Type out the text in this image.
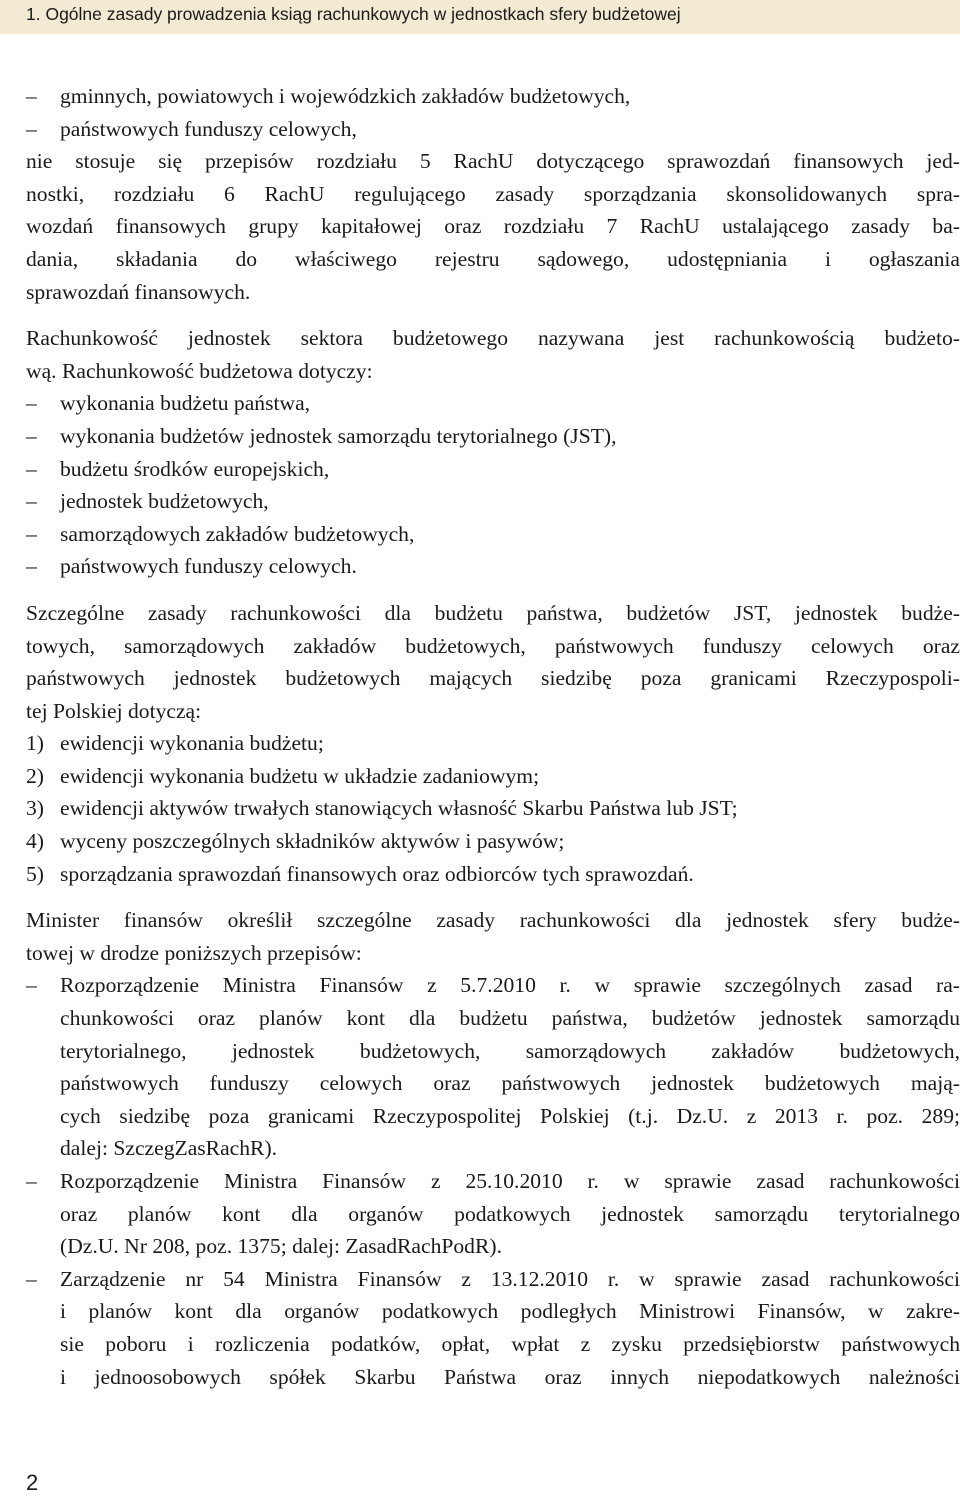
1. Ogólne zasady prowadzenia ksiąg rachunkowych w jednostkach sfery budżetowej
– gminnych, powiatowych i wojewódzkich zakładów budżetowych,
– państwowych funduszy celowych,
nie stosuje się przepisów rozdziału 5 RachU dotyczącego sprawozdań finansowych jed-
nostki, rozdziału 6 RachU regulującego zasady sporządzania skonsolidowanych spra-
wozdań finansowych grupy kapitałowej oraz rozdziału 7 RachU ustalającego zasady ba-
dania, składania do właściwego rejestru sądowego, udostępniania i ogłaszania
sprawozdań finansowych.
Rachunkowość jednostek sektora budżetowego nazywana jest rachunkowością budżeto-
wą. Rachunkowość budżetowa dotyczy:
– wykonania budżetu państwa,
– wykonania budżetów jednostek samorządu terytorialnego (JST),
– budżetu środków europejskich,
– jednostek budżetowych,
– samorządowych zakładów budżetowych,
– państwowych funduszy celowych.
Szczególne zasady rachunkowości dla budżetu państwa, budżetów JST, jednostek budże-
towych, samorządowych zakładów budżetowych, państwowych funduszy celowych oraz
państwowych jednostek budżetowych mających siedzibę poza granicami Rzeczypospoli-
tej Polskiej dotyczą:
1) ewidencji wykonania budżetu;
2) ewidencji wykonania budżetu w układzie zadaniowym;
3) ewidencji aktywów trwałych stanowiących własność Skarbu Państwa lub JST;
4) wyceny poszczególnych składników aktywów i pasywów;
5) sporządzania sprawozdań finansowych oraz odbiorców tych sprawozdań.
Minister finansów określił szczególne zasady rachunkowości dla jednostek sfery budże-
towej w drodze poniższych przepisów:
– Rozporządzenie Ministra Finansów z 5.7.2010 r. w sprawie szczególnych zasad ra-
chunkowości oraz planów kont dla budżetu państwa, budżetów jednostek samorządu
terytorialnego, jednostek budżetowych, samorządowych zakładów budżetowych,
państwowych funduszy celowych oraz państwowych jednostek budżetowych mają-
cych siedzibę poza granicami Rzeczypospolitej Polskiej (t.j. Dz.U. z 2013 r. poz. 289;
dalej: SzczegZasRachR).
– Rozporządzenie Ministra Finansów z 25.10.2010 r. w sprawie zasad rachunkowości
oraz planów kont dla organów podatkowych jednostek samorządu terytorialnego
(Dz.U. Nr 208, poz. 1375; dalej: ZasadRachPodR).
– Zarządzenie nr 54 Ministra Finansów z 13.12.2010 r. w sprawie zasad rachunkowości
i planów kont dla organów podatkowych podległych Ministrowi Finansów, w zakre-
sie poboru i rozliczenia podatków, opłat, wpłat z zysku przedsiębiorstw państwowych
i jednoosobowych spółek Skarbu Państwa oraz innych niepodatkowych należności
2
